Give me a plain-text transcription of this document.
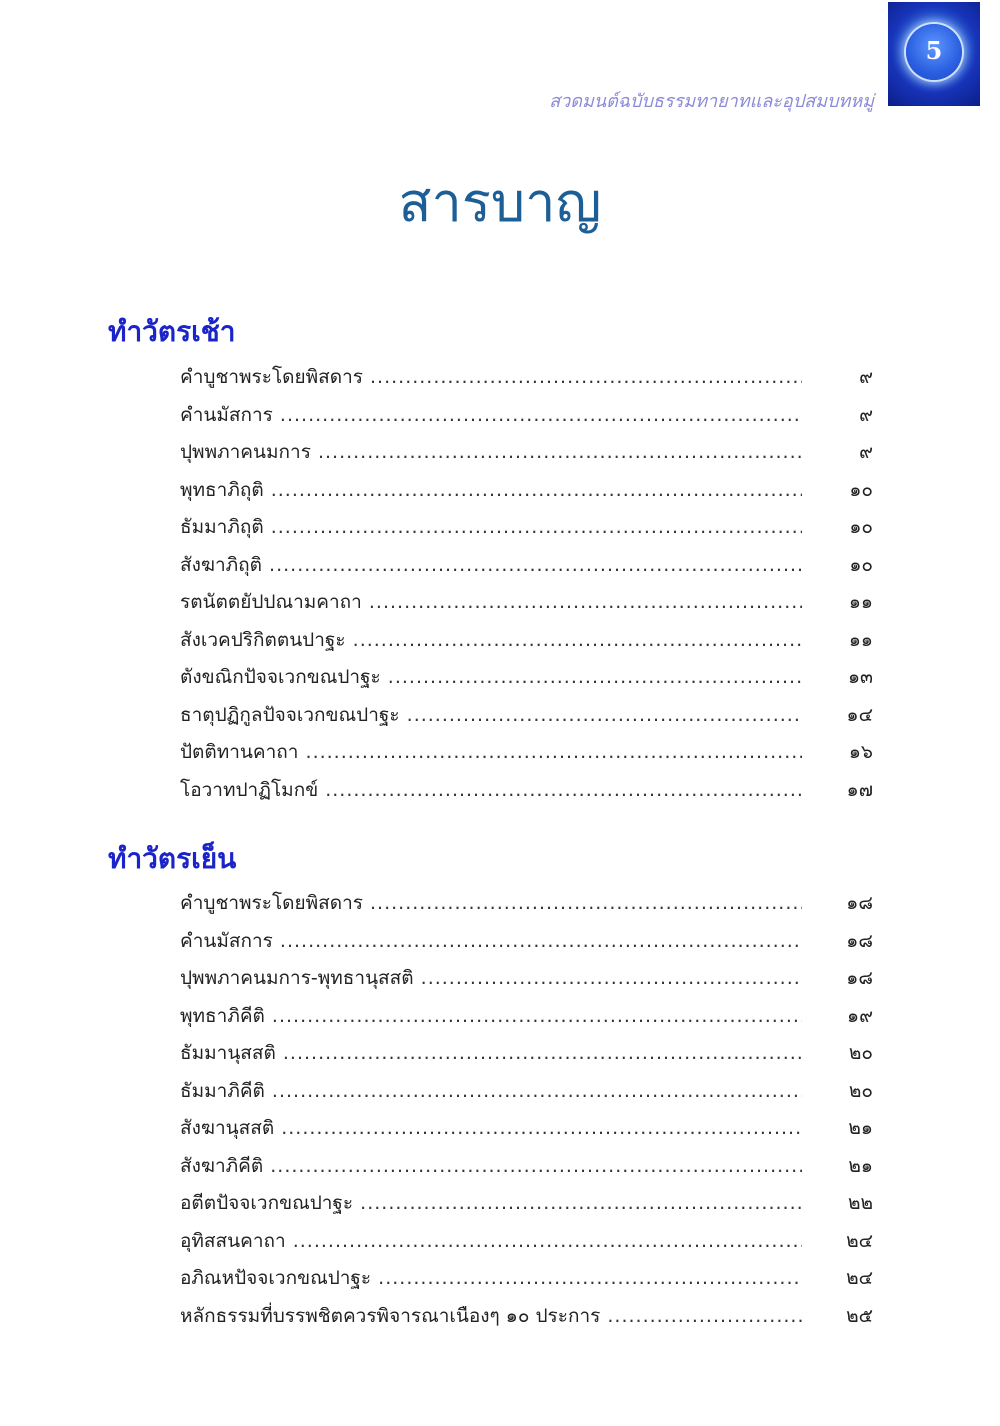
5
สวดมนต์ฉบับธรรมทายาทและอุปสมบทหมู่
สารบาญ
ทำวัตรเช้า
คำบูชาพระโดยพิสดาร .....	๙
คำนมัสการ .....	๙
ปุพพภาคนมการ .....	๙
พุทธาภิถุติ .....	๑๐
ธัมมาภิถุติ .....	๑๐
สังฆาภิถุติ .....	๑๐
รตนัตตยัปปณามคาถา .....	๑๑
สังเวคปริกิตตนปาฐะ .....	๑๑
ตังขณิกปัจจเวกขณปาฐะ .....	๑๓
ธาตุปฏิกูลปัจจเวกขณปาฐะ .....	๑๔
ปัตติทานคาถา .....	๑๖
โอวาทปาฏิโมกข์ .....	๑๗
ทำวัตรเย็น
คำบูชาพระโดยพิสดาร .....	๑๘
คำนมัสการ .....	๑๘
ปุพพภาคนมการ-พุทธานุสสติ .....	๑๘
พุทธาภิคีติ .....	๑๙
ธัมมานุสสติ .....	๒๐
ธัมมาภิคีติ .....	๒๐
สังฆานุสสติ .....	๒๑
สังฆาภิคีติ .....	๒๑
อตีตปัจจเวกขณปาฐะ .....	๒๒
อุทิสสนคาถา .....	๒๔
อภิณหปัจจเวกขณปาฐะ .....	๒๔
หลักธรรมที่บรรพชิตควรพิจารณาเนืองๆ ๑๐ ประการ .....	๒๕
